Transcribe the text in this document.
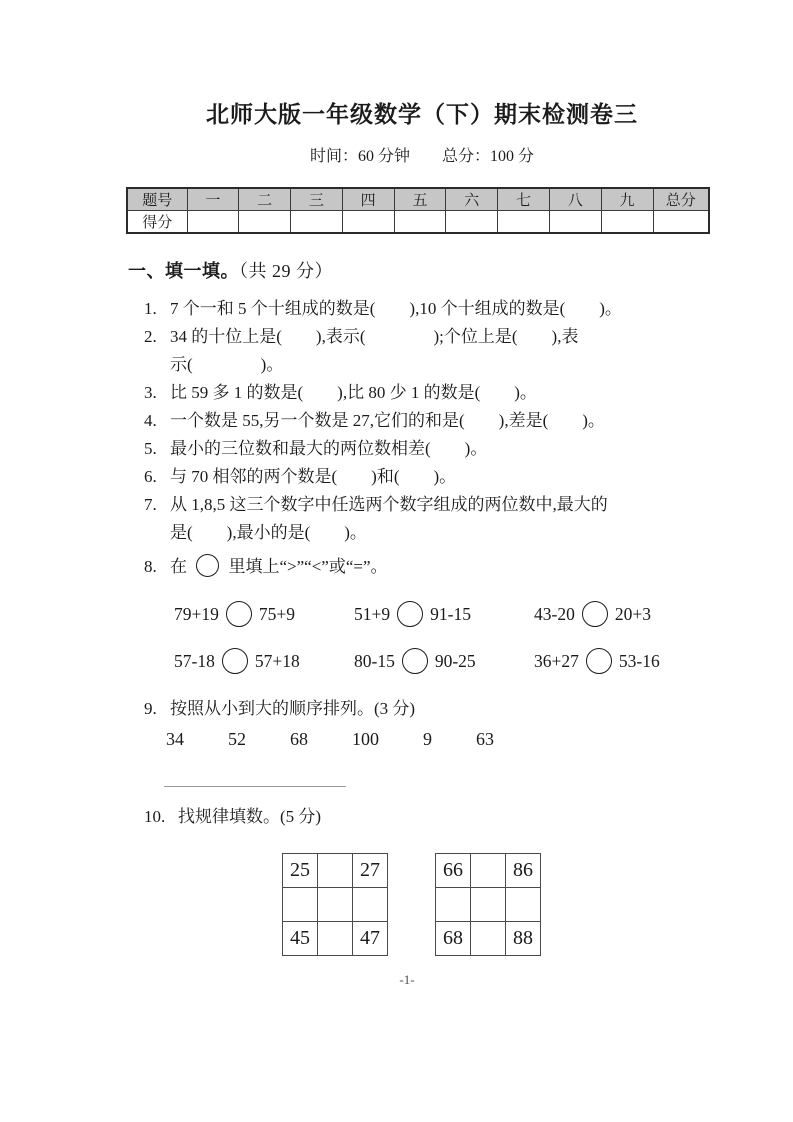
北师大版一年级数学（下）期末检测卷三
时间：60 分钟 总分：100 分
题号	一	二	三	四	五	六	七	八	九	总分
得分										
一、填一填。（共 29 分）
1. 7 个一和 5 个十组成的数是(　　),10 个十组成的数是(　　)。
2. 34 的十位上是(　　),表示(　　　　);个位上是(　　),表
示(　　　　)。
3. 比 59 多 1 的数是(　　),比 80 少 1 的数是(　　)。
4. 一个数是 55,另一个数是 27,它们的和是(　　),差是(　　)。
5. 最小的三位数和最大的两位数相差(　　)。
6. 与 70 相邻的两个数是(　　)和(　　)。
7. 从 1,8,5 这三个数字中任选两个数字组成的两位数中,最大的
是(　　),最小的是(　　)。
8. 在  里填上“>”“<”或“=”。
79+19 75+9	51+9 91-15	43-20 20+3
57-18 57+18	80-15 90-25	36+27 53-16
9. 按照从小到大的顺序排列。(3 分)
34 52 68 100 9 63
10. 找规律填数。(5 分)
25		27

45		47
66		86

68		88
-1-
